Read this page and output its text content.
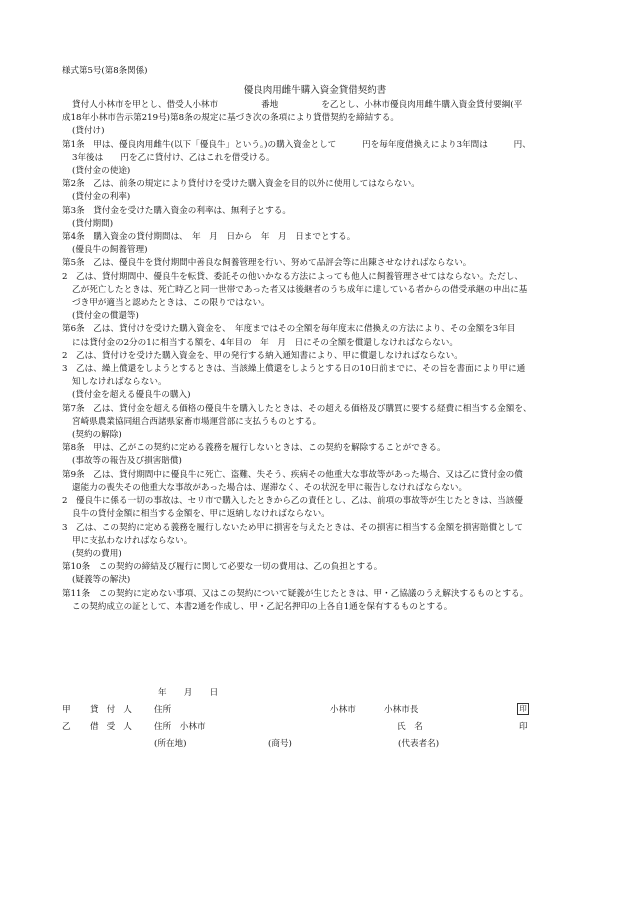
様式第5号(第8条関係)
優良肉用雌牛購入資金貸借契約書

貸付人小林市を甲とし、借受人小林市　　　　　番地　　　　　を乙とし、小林市優良肉用雌牛購入資金貸付要綱(平

成18年小林市告示第219号)第8条の規定に基づき次の条項により貸借契約を締結する。

(貸付け)

第1条　甲は、優良肉用雌牛(以下「優良牛」という。)の購入資金として　　　円を毎年度借換えにより3年間は　　　円、

3年後は　　円を乙に貸付け、乙はこれを借受ける。

(貸付金の使途)

第2条　乙は、前条の規定により貸付けを受けた購入資金を目的以外に使用してはならない。

(貸付金の利率)

第3条　貸付金を受けた購入資金の利率は、無利子とする。

(貸付期間)

第4条　購入資金の貸付期間は、　年　月　日から　年　月　日までとする。

(優良牛の飼養管理)

第5条　乙は、優良牛を貸付期間中善良な飼養管理を行い、努めて品評会等に出陳させなければならない。

2　乙は、貸付期間中、優良牛を転貸、委託その他いかなる方法によっても他人に飼養管理させてはならない。ただし、

乙が死亡したときは、死亡時乙と同一世帯であった者又は後継者のうち成年に達している者からの借受承継の申出に基

づき甲が適当と認めたときは、この限りではない。

(貸付金の償還等)

第6条　乙は、貸付けを受けた購入資金を、　年度まではその全額を毎年度末に借換えの方法により、その金額を3年目

には貸付金の2分の1に相当する額を、4年目の　年　月　日にその全額を償還しなければならない。

2　乙は、貸付けを受けた購入資金を、甲の発行する納入通知書により、甲に償還しなければならない。

3　乙は、繰上償還をしようとするときは、当該繰上償還をしようとする日の10日前までに、その旨を書面により甲に通

知しなければならない。

(貸付金を超える優良牛の購入)

第7条　乙は、貸付金を超える価格の優良牛を購入したときは、その超える価格及び購買に要する経費に相当する金額を、

宮崎県農業協同組合西諸県家畜市場運営部に支払うものとする。

(契約の解除)

第8条　甲は、乙がこの契約に定める義務を履行しないときは、この契約を解除することができる。

(事故等の報告及び損害賠償)

第9条　乙は、貸付期間中に優良牛に死亡、盗難、失そう、疾病その他重大な事故等があった場合、又は乙に貸付金の償

還能力の喪失その他重大な事故があった場合は、遅滞なく、その状況を甲に報告しなければならない。

2　優良牛に係る一切の事故は、セリ市で購入したときから乙の責任とし、乙は、前項の事故等が生じたときは、当該優

良牛の貸付金額に相当する金額を、甲に返納しなければならない。

3　乙は、この契約に定める義務を履行しないため甲に損害を与えたときは、その損害に相当する金額を損害賠償として

甲に支払わなければならない。

(契約の費用)

第10条　この契約の締結及び履行に関して必要な一切の費用は、乙の負担とする。

(疑義等の解決)

第11条　この契約に定めない事項、又はこの契約について疑義が生じたときは、甲・乙協議のうえ解決するものとする。

この契約成立の証として、本書2通を作成し、甲・乙記名押印の上各自1通を保有するものとする。

年　　月　　日
甲 貸付人 住所	小林市	小林市長	印
乙 借受人 住所　小林市	氏　名	印
(所在地)	(商号)	(代表者名)
